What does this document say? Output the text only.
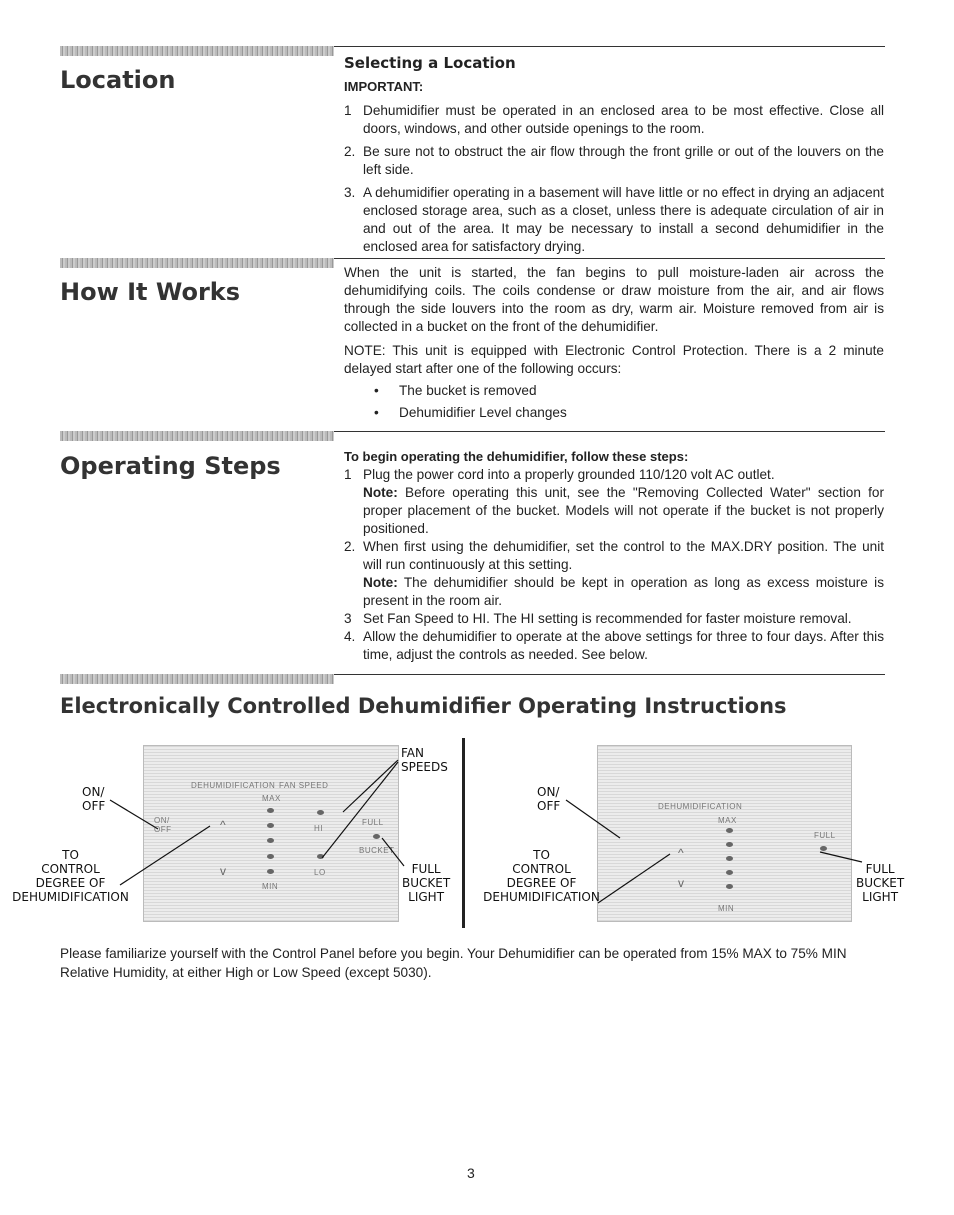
Location

Selecting a Location

IMPORTANT:

1 Dehumidifier must be operated in an enclosed area to be most effective. Close all doors, windows, and other outside openings to the room.
2. Be sure not to obstruct the air flow through the front grille or out of the louvers on the left side.
3. A dehumidifier operating in a basement will have little or no effect in drying an adjacent enclosed storage area, such as a closet, unless there is adequate circulation of air in and out of the area. It may be necessary to install a second dehumidifier in the enclosed area for satisfactory drying.
How It Works

When the unit is started, the fan begins to pull moisture-laden air across the dehumidifying coils. The coils condense or draw moisture from the air, and air flows through the side louvers into the room as dry, warm air. Moisture removed from air is collected in a bucket on the front of the dehumidifier.

NOTE: This unit is equipped with Electronic Control Protection. There is a 2 minute delayed start after one of the following occurs:

• The bucket is removed
• Dehumidifier Level changes
Operating Steps	To begin operating the dehumidifier, follow these steps:

1 Plug the power cord into a properly grounded 110/120 volt AC outlet.
Note: Before operating this unit, see the "Removing Collected Water" section for proper placement of the bucket. Models will not operate if the bucket is not properly positioned.
2. When first using the dehumidifier, set the control to the MAX.DRY position. The unit will run continuously at this setting.
Note: The dehumidifier should be kept in operation as long as excess moisture is present in the room air.
3 Set Fan Speed to HI. The HI setting is recommended for faster moisture removal.
4. Allow the dehumidifier to operate at the above settings for three to four days. After this time, adjust the controls as needed. See below.
Electronically Controlled Dehumidifier Operating Instructions
DEHUMIDIFICATION FAN SPEED
MAX
MIN
HI
LO
FULL
BUCKET
ON/ OFF	^
v
ON/
OFF
TO
CONTROL
DEGREE OF
DEHUMIDIFICATION
FAN
SPEEDS
FULL
BUCKET
LIGHT
DEHUMIDIFICATION
MAX
MIN
FULL
^
v
ON/
OFF
TO
CONTROL
DEGREE OF
DEHUMIDIFICATION
FULL
BUCKET
LIGHT
Please familiarize yourself with the Control Panel before you begin. Your Dehumidifier can be operated from 15% MAX to 75% MIN Relative Humidity, at either High or Low Speed (except 5030).
3
